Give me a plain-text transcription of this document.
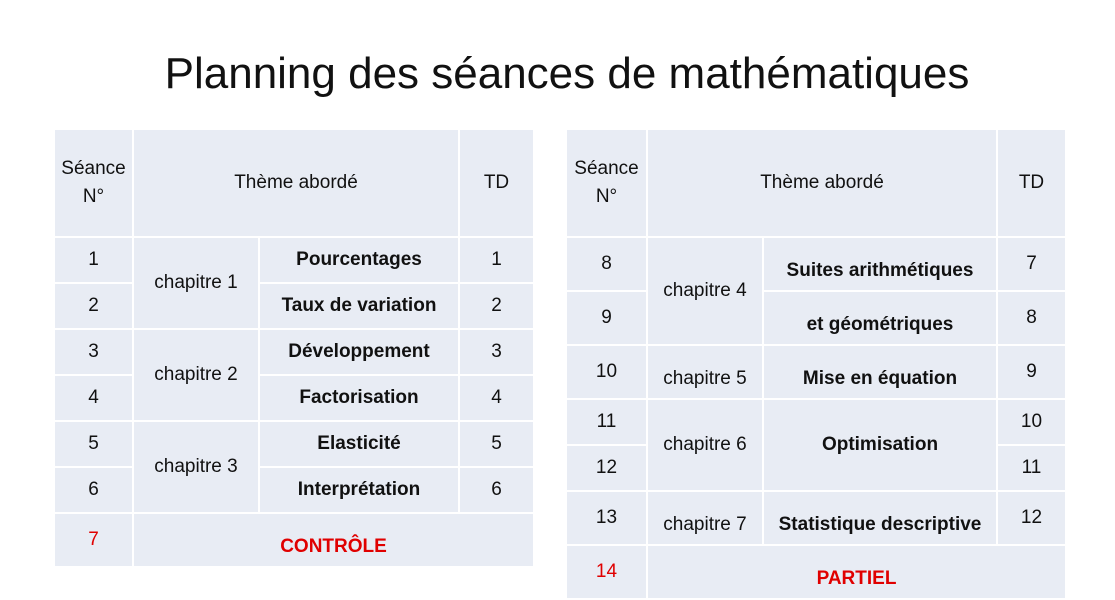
Planning des séances de mathématiques
Séance
N°	Thème abordé		TD
1	chapitre 1	Pourcentages	1
2		Taux de variation	2
3	chapitre 2	Développement	3
4		Factorisation	4
5	chapitre 3	Elasticité	5
6		Interprétation	6
7	CONTRÔLE		
Séance
N°	Thème abordé		TD
8	chapitre 4	Suites arithmétiques	7
9		et géométriques	8
10	chapitre 5	Mise en équation	9
11	chapitre 6	Optimisation	10
12			11
13	chapitre 7	Statistique descriptive	12
14	PARTIEL		
